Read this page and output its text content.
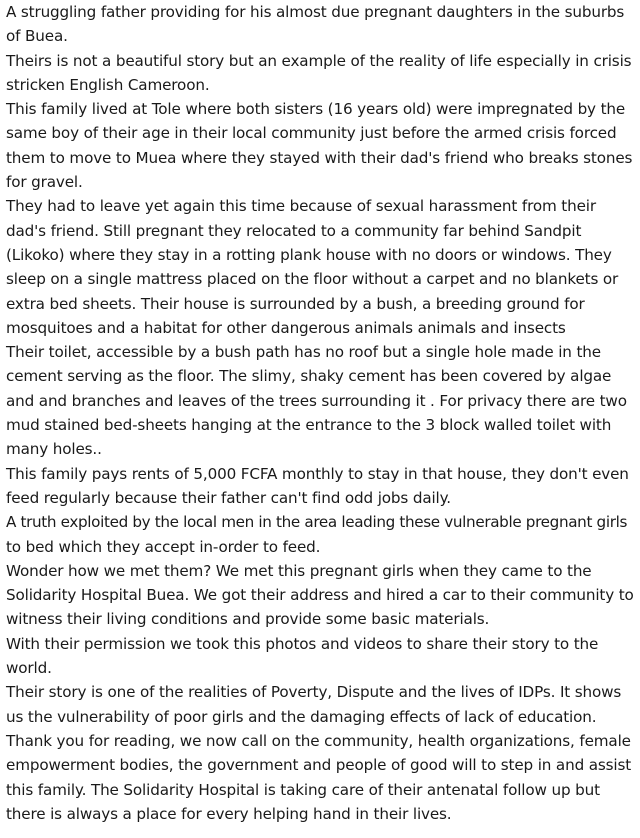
A struggling father providing for his almost due pregnant daughters in the suburbs
of Buea.
Theirs is not a beautiful story but an example of the reality of life especially in crisis
stricken English Cameroon.
This family lived at Tole where both sisters (16 years old) were impregnated by the
same boy of their age in their local community just before the armed crisis forced
them to move to Muea where they stayed with their dad's friend who breaks stones
for gravel.
They had to leave yet again this time because of sexual harassment from their
dad's friend. Still pregnant they relocated to a community far behind Sandpit
(Likoko) where they stay in a rotting plank house with no doors or windows. They
sleep on a single mattress placed on the floor without a carpet and no blankets or
extra bed sheets. Their house is surrounded by a bush, a breeding ground for
mosquitoes and a habitat for other dangerous animals animals and insects
Their toilet, accessible by a bush path has no roof but a single hole made in the
cement serving as the floor. The slimy, shaky cement has been covered by algae
and and branches and leaves of the trees surrounding it . For privacy there are two
mud stained bed-sheets hanging at the entrance to the 3 block walled toilet with
many holes..
This family pays rents of 5,000 FCFA monthly to stay in that house, they don't even
feed regularly because their father can't find odd jobs daily.
A truth exploited by the local men in the area leading these vulnerable pregnant girls
to bed which they accept in-order to feed.
Wonder how we met them? We met this pregnant girls when they came to the
Solidarity Hospital Buea. We got their address and hired a car to their community to
witness their living conditions and provide some basic materials.
With their permission we took this photos and videos to share their story to the
world.
Their story is one of the realities of Poverty, Dispute and the lives of IDPs. It shows
us the vulnerability of poor girls and the damaging effects of lack of education.
Thank you for reading, we now call on the community, health organizations, female
empowerment bodies, the government and people of good will to step in and assist
this family. The Solidarity Hospital is taking care of their antenatal follow up but
there is always a place for every helping hand in their lives.
